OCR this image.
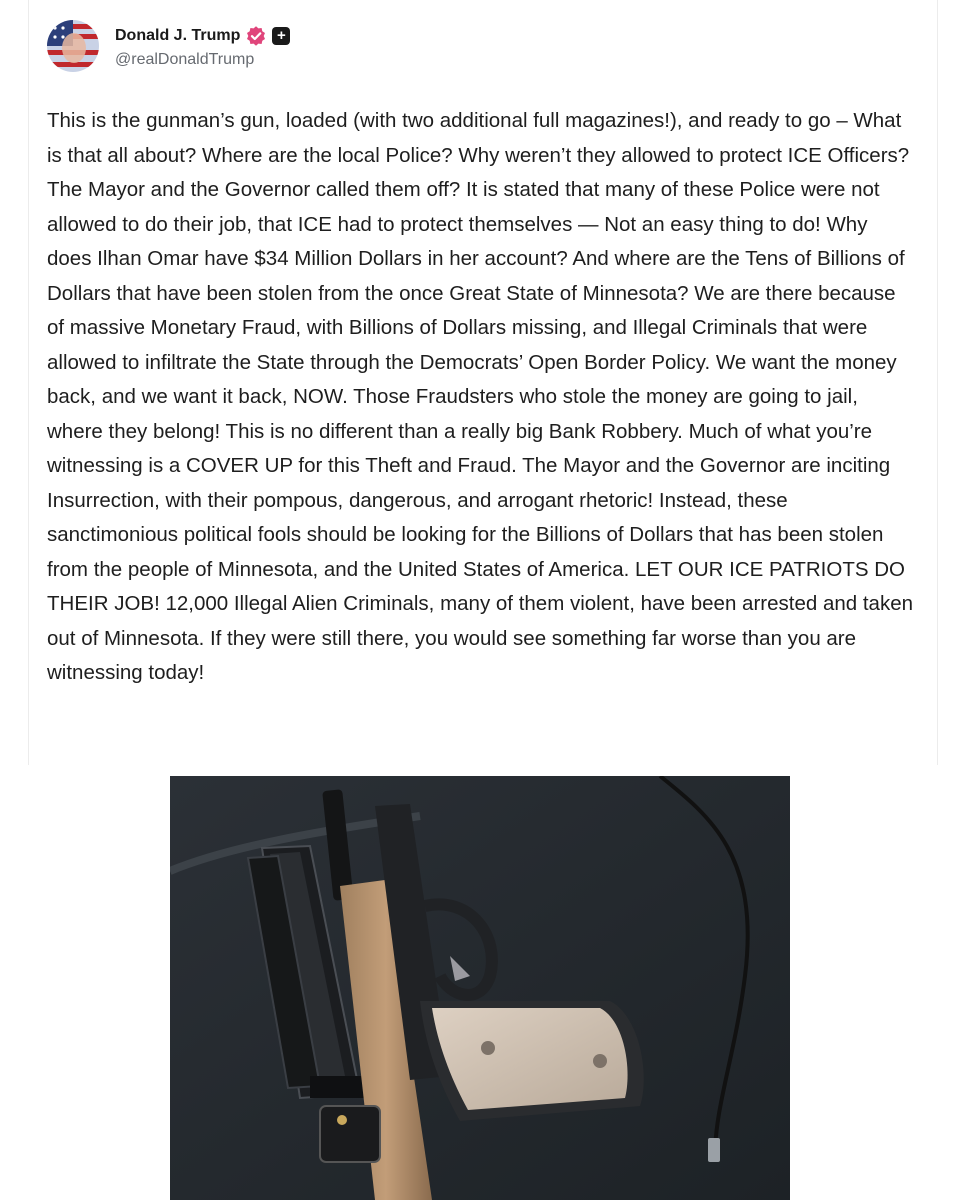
Donald J. Trump	+
@realDonaldTrump

This is the gunman’s gun, loaded (with two additional full magazines!), and ready to go – What is that all about? Where are the local Police? Why weren’t they allowed to protect ICE Officers? The Mayor and the Governor called them off? It is stated that many of these Police were not allowed to do their job, that ICE had to protect themselves — Not an easy thing to do! Why does Ilhan Omar have $34 Million Dollars in her account? And where are the Tens of Billions of Dollars that have been stolen from the once Great State of Minnesota? We are there because of massive Monetary Fraud, with Billions of Dollars missing, and Illegal Criminals that were allowed to infiltrate the State through the Democrats’ Open Border Policy. We want the money back, and we want it back, NOW. Those Fraudsters who stole the money are going to jail, where they belong! This is no different than a really big Bank Robbery. Much of what you’re witnessing is a COVER UP for this Theft and Fraud. The Mayor and the Governor are inciting Insurrection, with their pompous, dangerous, and arrogant rhetoric! Instead, these sanctimonious political fools should be looking for the Billions of Dollars that has been stolen from the people of Minnesota, and the United States of America. LET OUR ICE PATRIOTS DO THEIR JOB! 12,000 Illegal Alien Criminals, many of them violent, have been arrested and taken out of Minnesota. If they were still there, you would see something far worse than you are witnessing today!
